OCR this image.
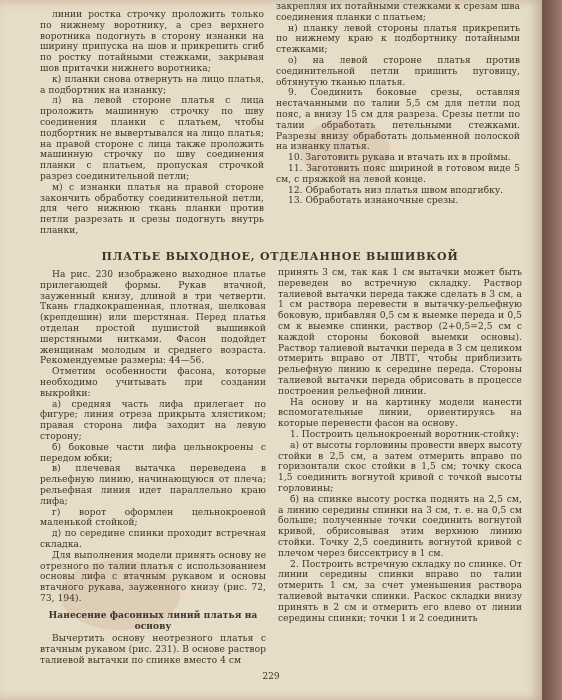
линии ростка строчку проложить только по нижнему воротнику, а срез верхнего воротника подогнуть в сторону изнанки на ширину припуска на шов и прикрепить сгиб по ростку потайными стежками, закрывая шов притачки нижнего воротника;

к) планки снова отвернуть на лицо платья, а подбортник на изнанку;

л) на левой стороне платья с лица проложить машинную строчку по шву соединения планки с платьем, чтобы подбортник не вывертывался на лицо платья; на правой стороне с лица также проложить машинную строчку по шву соединения планки с платьем, пропуская строчкой разрез соединительной петли;

м) с изнанки платья на правой стороне закончить обработку соединительной петли, для чего нижнюю ткань планки против петли разрезать и срезы подогнуть внутрь планки,

закрепляя их потайными стежками к срезам шва соединения планки с платьем;

н) планку левой стороны платья прикрепить по нижнему краю к подбортнику потайными стежками;

о) на левой стороне платья против соединительной петли пришить пуговицу, обтянутую тканью платья.

9. Соединить боковые срезы, оставляя нестачанными по талии 5,5 см для петли под пояс, а внизу 15 см для разреза. Срезы петли по талии обработать петельными стежками. Разрезы внизу обработать дольменной полоской на изнанку платья.

10. Заготовить рукава и втачать их в проймы.

11. Заготовить пояс шириной в готовом виде 5 см, с пряжкой на левой конце.

12. Обработать низ платья швом вподгибку.

13. Обработать изнаночные срезы.

ПЛАТЬЕ ВЫХОДНОЕ, ОТДЕЛАННОЕ ВЫШИВКОЙ

На рис. 230 изображено выходное платье прилегающей формы. Рукав втачной, зауженный книзу, длиной в три четверти. Ткань гладкокрашенная, плотная, шелковая (крепдешин) или шерстяная. Перед платья отделан простой пушистой вышивкой шерстяными нитками. Фасон подойдет женщинам молодым и среднего возраста. Рекомендуемые размеры: 44—56.

Отметим особенности фасона, которые необходимо учитывать при создании выкройки:

а) средняя часть лифа прилегает по фигуре; линия отреза прикрыта хлястиком; правая сторона лифа заходит на левую сторону;

б) боковые части лифа цельнокроены с передом юбки;

в) плечевая вытачка переведена в рельефную линию, начинающуюся от плеча; рельефная линия идет параллельно краю лифа;

г) ворот оформлен цельнокроеной маленькой стойкой;

д) по середине спинки проходит встречная складка.

Для выполнения модели принять основу не отрезного по талии платья с использованием основы лифа с втачным рукавом и основы втачного рукава, зауженного книзу (рис. 72, 73, 194).

Нанесение фасонных линий платья на основу

Вычертить основу неотрезного платья с втачным рукавом (рис. 231). В основе раствор талиевой вытачки по спинке вместо 4 см

принять 3 см, так как 1 см вытачки может быть переведен во встречную складку. Раствор талиевой вытачки переда также сделать в 3 см, а 1 см раствора перевести в вытачку-рельефную боковую, прибавляя 0,5 см к выемке переда и 0,5 см к выемке спинки, раствор (2+0,5=2,5 см с каждой стороны боковой выемки основы). Раствор талиевой вытачки переда в 3 см целиком отмерить вправо от ЛВТГ, чтобы приблизить рельефную линию к середине переда. Стороны талиевой вытачки переда обрисовать в процессе построения рельефной линии.

На основу и на картинку модели нанести вспомогательные линии, ориентируясь на которые перенести фасон на основу.

1. Построить цельнокроеный воротник-стойку:

а) от высоты горловины провести вверх высоту стойки в 2,5 см, а затем отмерить вправо по горизонтали скос стойки в 1,5 см; точку скоса 1,5 соединить вогнутой кривой с точкой высоты горловины;

б) на спинке высоту ростка поднять на 2,5 см, а линию середины спинки на 3 см, т. е. на 0,5 см больше; полученные точки соединить вогнутой кривой, обрисовывая этим верхнюю линию стойки. Точку 2,5 соединить вогнутой кривой с плечом через биссектрису в 1 см.

2. Построить встречную складку по спинке. От линии середины спинки вправо по талии отмерить 1 см, за счет уменьшения раствора талиевой вытачки спинки. Раскос складки внизу принять в 2 см и отмерить его влево от линии середины спинки; точки 1 и 2 соединить

229
